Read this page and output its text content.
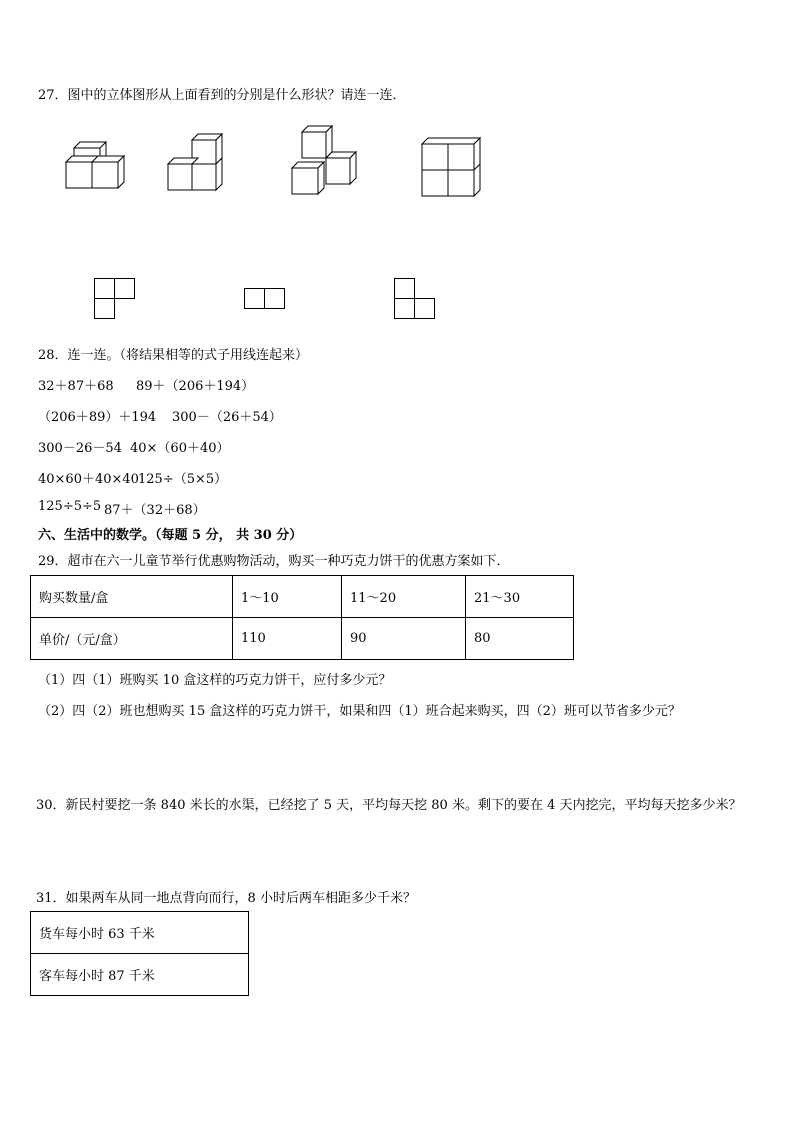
27．图中的立体图形从上面看到的分别是什么形状？请连一连．
28．连一连。（将结果相等的式子用线连起来）
32＋87＋68 89＋（206＋194）
（206＋89）＋194 300－（26＋54）
300－26－54 40×（60＋40）
40×60＋40×40 125÷（5×5）
125÷5÷5 87＋（32＋68）
六、生活中的数学。（每题 5 分， 共 30 分）
29．超市在六一儿童节举行优惠购物活动，购买一种巧克力饼干的优惠方案如下．
购买数量/盒	1～10	11～20	21～30
单价/（元/盒）	110	90	80
（1）四（1）班购买 10 盒这样的巧克力饼干，应付多少元？
（2）四（2）班也想购买 15 盒这样的巧克力饼干，如果和四（1）班合起来购买，四（2）班可以节省多少元？
30．新民村要挖一条 840 米长的水渠，已经挖了 5 天，平均每天挖 80 米。剩下的要在 4 天内挖完，平均每天挖多少米？
31．如果两车从同一地点背向而行，8 小时后两车相距多少千米？
货车每小时 63 千米
客车每小时 87 千米
